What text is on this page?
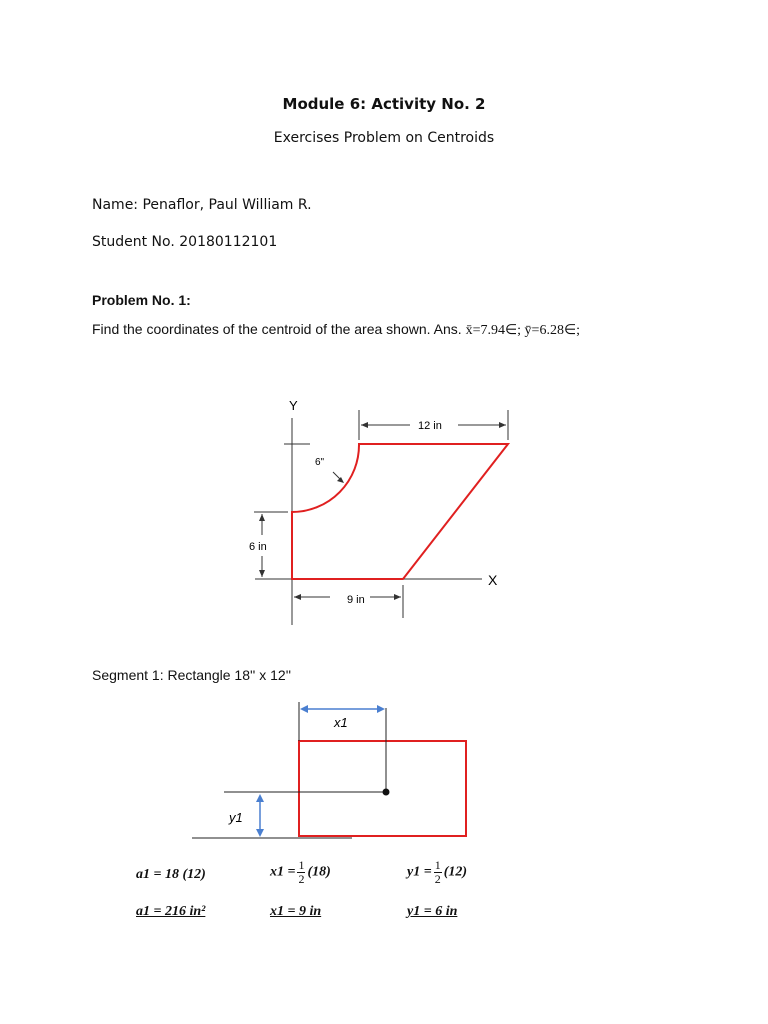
Module 6: Activity No. 2
Exercises Problem on Centroids
Name: Penaflor, Paul William R.
Student No. 20180112101
Problem No. 1:
Find the coordinates of the centroid of the area shown. Ans. x̄=7.94∈; ȳ=6.28∈;
Y
X
12 in
6"
6 in
9 in
Segment 1: Rectangle 18'' x 12''
x1
y1
a1 = 18 (12)	$x1 = \frac{1}{2} (18)$	$y1 = \frac{1}{2} (12)$
a1 = 216 in²	x1 = 9 in	y1 = 6 in
